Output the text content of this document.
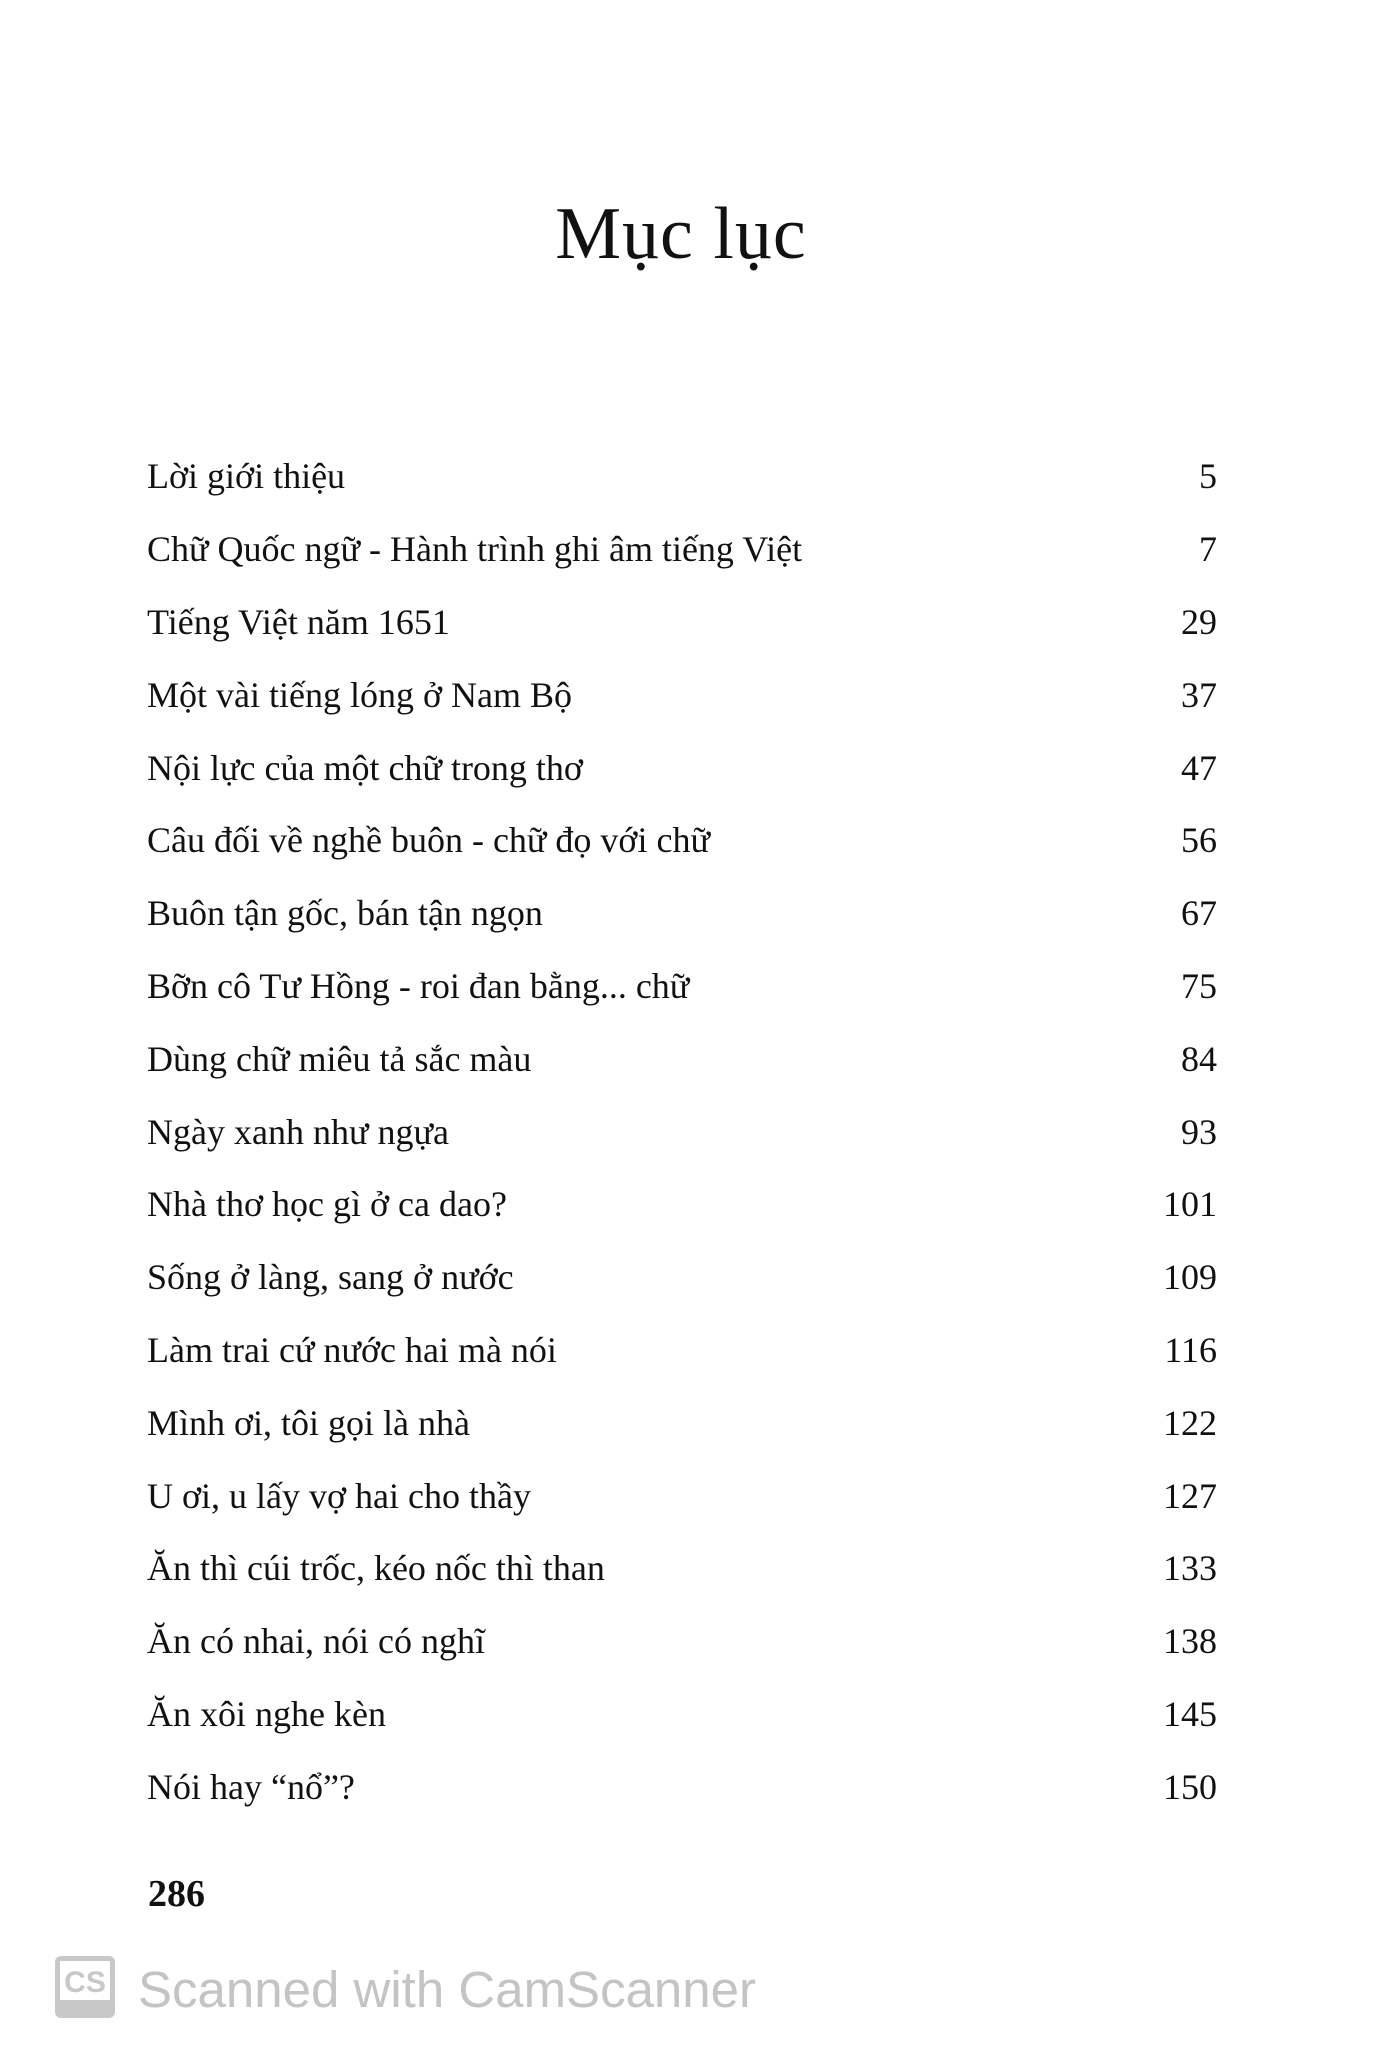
Mục lục
Lời giới thiệu	5
Chữ Quốc ngữ - Hành trình ghi âm tiếng Việt	7
Tiếng Việt năm 1651	29
Một vài tiếng lóng ở Nam Bộ	37
Nội lực của một chữ trong thơ	47
Câu đối về nghề buôn - chữ đọ với chữ	56
Buôn tận gốc, bán tận ngọn	67
Bỡn cô Tư Hồng - roi đan bằng... chữ	75
Dùng chữ miêu tả sắc màu	84
Ngày xanh như ngựa	93
Nhà thơ học gì ở ca dao?	101
Sống ở làng, sang ở nước	109
Làm trai cứ nước hai mà nói	116
Mình ơi, tôi gọi là nhà	122
U ơi, u lấy vợ hai cho thầy	127
Ăn thì cúi trốc, kéo nốc thì than	133
Ăn có nhai, nói có nghĩ	138
Ăn xôi nghe kèn	145
Nói hay “nổ”?	150
286
CS Scanned with CamScanner
